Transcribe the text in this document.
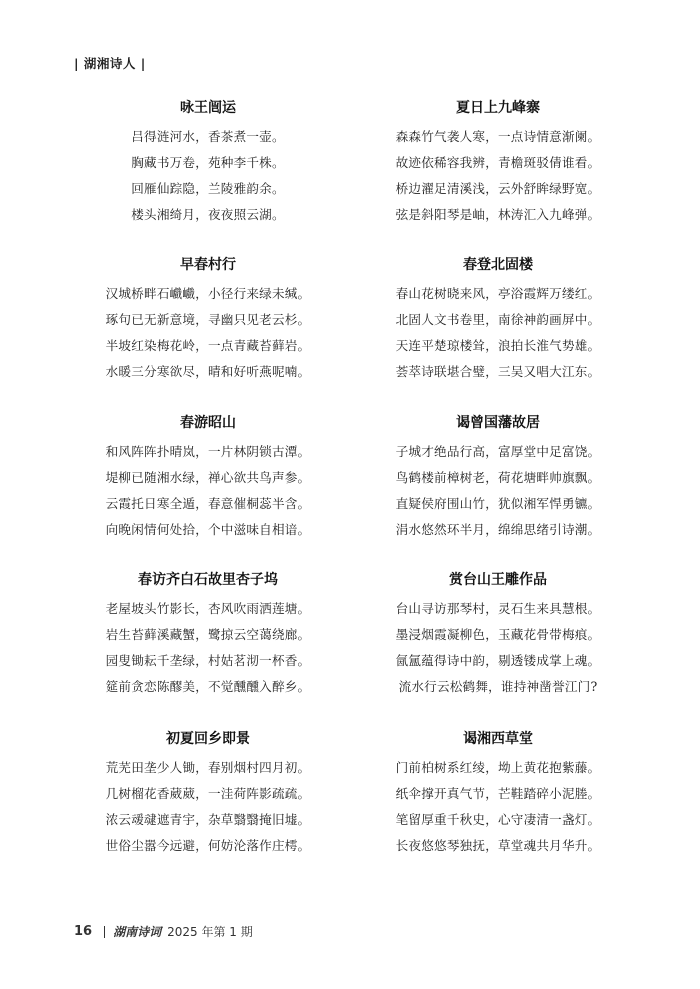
| 湖湘诗人 |
咏王闿运
吕得涟河水，香茶煮一壶。
胸藏书万卷，苑种李千株。
回雁仙踪隐，兰陵雅韵余。
楼头湘绮月，夜夜照云湖。
早春村行
汉城桥畔石巇巇，小径行来绿未缄。
琢句已无新意境，寻幽只见老云杉。
半坡红染梅花岭，一点青藏苔藓岩。
水暖三分寒欲尽，晴和好听燕呢喃。
春游昭山
和风阵阵扑晴岚，一片林阴锁古潭。
堤柳已随湘水绿，禅心欲共鸟声参。
云霞托日寒全遁，春意催桐蕊半含。
向晚闲情何处拾，个中滋味自相谙。
春访齐白石故里杏子坞
老屋坡头竹影长，杏风吹雨洒莲塘。
岩生苔藓溪藏蟹，鹭掠云空蔼绕廊。
园叟锄耘千垄绿，村姑茗沏一杯香。
筵前贪恋陈醪美，不觉醺醺入醉乡。
初夏回乡即景
荒芜田垄少人锄，春别烟村四月初。
几树榴花香葳葳，一洼荷阵影疏疏。
浓云叆叇遮青宇，杂草翳翳掩旧墟。
世俗尘嚣今远避，何妨沦落作庄樗。
夏日上九峰寨
森森竹气袭人寒，一点诗情意渐阑。
故迹依稀容我辨，青檐斑驳倩谁看。
桥边濯足清溪浅，云外舒眸绿野宽。
弦是斜阳琴是岫，林涛汇入九峰弹。
春登北固楼
春山花树晓来风，亭浴霞辉万缕红。
北固人文书卷里，南徐神韵画屏中。
天连平楚琼楼耸，浪拍长淮气势雄。
荟萃诗联堪合璧，三吴又唱大江东。
谒曾国藩故居
子城才绝品行高，富厚堂中足富饶。
鸟鹤楼前樟树老，荷花塘畔帅旗飘。
直疑侯府围山竹，犹似湘军悍勇镳。
涓水悠然环半月，绵绵思绪引诗潮。
赏台山王雕作品
台山寻访那琴村，灵石生来具慧根。
墨浸烟霞凝柳色，玉藏花骨带梅痕。
氤氲蕴得诗中韵，剔透镂成掌上魂。
流水行云松鹤舞，谁持神凿誉江门?
谒湘西草堂
门前柏树系红绫，坳上黄花抱紫藤。
纸伞撑开真气节，芒鞋踏碎小泥塍。
笔留厚重千秋史，心守凄清一盏灯。
长夜悠悠琴独抚，草堂魂共月华升。
16 湖南诗词 2025 年第 1 期
